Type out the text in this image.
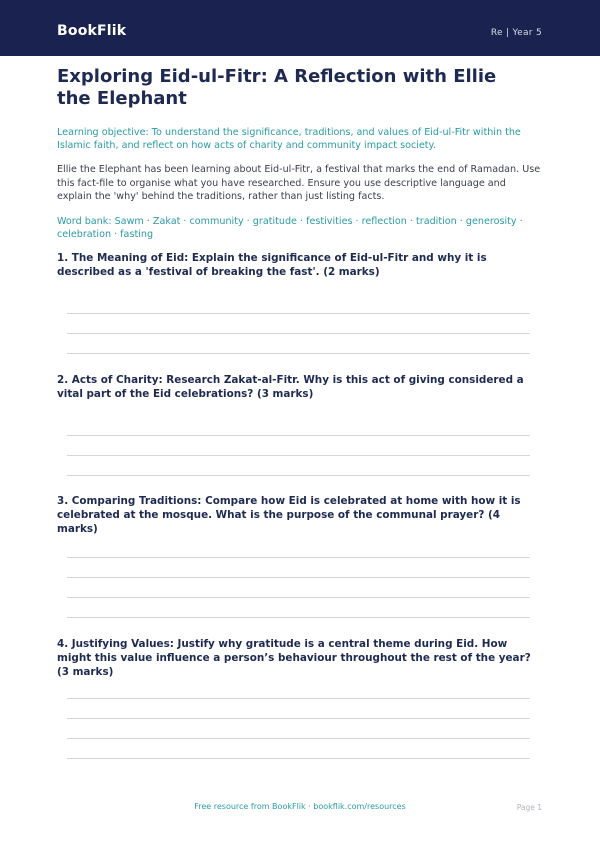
BookFlik	Re | Year 5
Exploring Eid-ul-Fitr: A Reflection with Ellie the Elephant
Learning objective: To understand the significance, traditions, and values of Eid-ul-Fitr within the Islamic faith, and reflect on how acts of charity and community impact society.
Ellie the Elephant has been learning about Eid-ul-Fitr, a festival that marks the end of Ramadan. Use this fact-file to organise what you have researched. Ensure you use descriptive language and explain the 'why' behind the traditions, rather than just listing facts.
Word bank: Sawm · Zakat · community · gratitude · festivities · reflection · tradition · generosity · celebration · fasting
1. The Meaning of Eid: Explain the significance of Eid-ul-Fitr and why it is described as a 'festival of breaking the fast'. (2 marks)
2. Acts of Charity: Research Zakat-al-Fitr. Why is this act of giving considered a vital part of the Eid celebrations? (3 marks)
3. Comparing Traditions: Compare how Eid is celebrated at home with how it is celebrated at the mosque. What is the purpose of the communal prayer? (4 marks)
4. Justifying Values: Justify why gratitude is a central theme during Eid. How might this value influence a person’s behaviour throughout the rest of the year? (3 marks)
Free resource from BookFlik · bookflik.com/resources	Page 1
